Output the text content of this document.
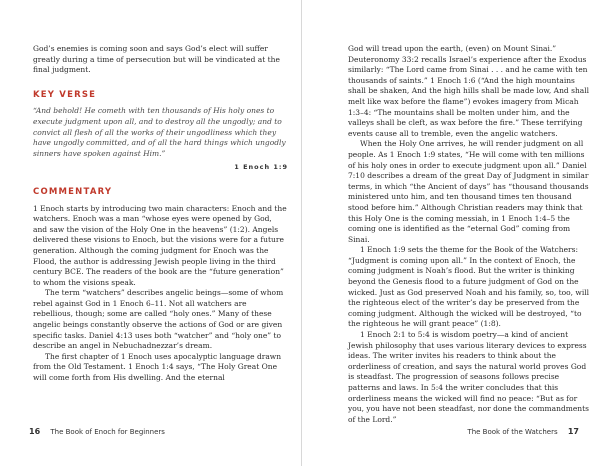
God’s enemies is coming soon and says God’s elect will suffer greatly during a time of persecution but will be vindicated at the final judgment.

KEY VERSE

“And behold! He cometh with ten thousands of His holy ones to execute judgment upon all, and to destroy all the ungodly; and to convict all flesh of all the works of their ungodliness which they have ungodly committed, and of all the hard things which ungodly sinners have spoken against Him.”

1 Enoch 1:9
COMMENTARY

1 Enoch starts by introducing two main characters: Enoch and the watchers. Enoch was a man “whose eyes were opened by God, and saw the vision of the Holy One in the heavens” (1:2). Angels delivered these visions to Enoch, but the visions were for a future generation. Although the coming judgment for Enoch was the Flood, the author is addressing Jewish people living in the third century BCE. The readers of the book are the “future generation” to whom the visions speak.

The term “watchers” describes angelic beings—some of whom rebel against God in 1 Enoch 6–11. Not all watchers are rebellious, though; some are called “holy ones.” Many of these angelic beings constantly observe the actions of God or are given specific tasks. Daniel 4:13 uses both “watcher” and “holy one” to describe an angel in Nebuchadnezzar’s dream.

The first chapter of 1 Enoch uses apocalyptic language drawn from the Old Testament. 1 Enoch 1:4 says, “The Holy Great One will come forth from His dwelling. And the eternal

16 The Book of Enoch for Beginners

God will tread upon the earth, (even) on Mount Sinai.” Deuteronomy 33:2 recalls Israel’s experience after the Exodus similarly: “The Lord came from Sinai . . . and he came with ten thousands of saints.” 1 Enoch 1:6 (“And the high mountains shall be shaken, And the high hills shall be made low, And shall melt like wax before the flame”) evokes imagery from Micah 1:3–4: “The mountains shall be molten under him, and the valleys shall be cleft, as wax before the fire.” These terrifying events cause all to tremble, even the angelic watchers.

When the Holy One arrives, he will render judgment on all people. As 1 Enoch 1:9 states, “He will come with ten millions of his holy ones in order to execute judgment upon all.” Daniel 7:10 describes a dream of the great Day of Judgment in similar terms, in which “the Ancient of days” has “thousand thousands ministered unto him, and ten thousand times ten thousand stood before him.” Although Christian readers may think that this Holy One is the coming messiah, in 1 Enoch 1:4–5 the coming one is identified as the “eternal God” coming from Sinai.

1 Enoch 1:9 sets the theme for the Book of the Watchers: “Judgment is coming upon all.” In the context of Enoch, the coming judgment is Noah’s flood. But the writer is thinking beyond the Genesis flood to a future judgment of God on the wicked. Just as God preserved Noah and his family, so, too, will the righteous elect of the writer’s day be preserved from the coming judgment. Although the wicked will be destroyed, “to the righteous he will grant peace” (1:8).

1 Enoch 2:1 to 5:4 is wisdom poetry—a kind of ancient Jewish philosophy that uses various literary devices to express ideas. The writer invites his readers to think about the orderliness of creation, and says the natural world proves God is steadfast. The progression of seasons follows precise patterns and laws. In 5:4 the writer concludes that this orderliness means the wicked will find no peace: “But as for you, you have not been steadfast, nor done the commandments of the Lord.”

The Book of the Watchers 17
